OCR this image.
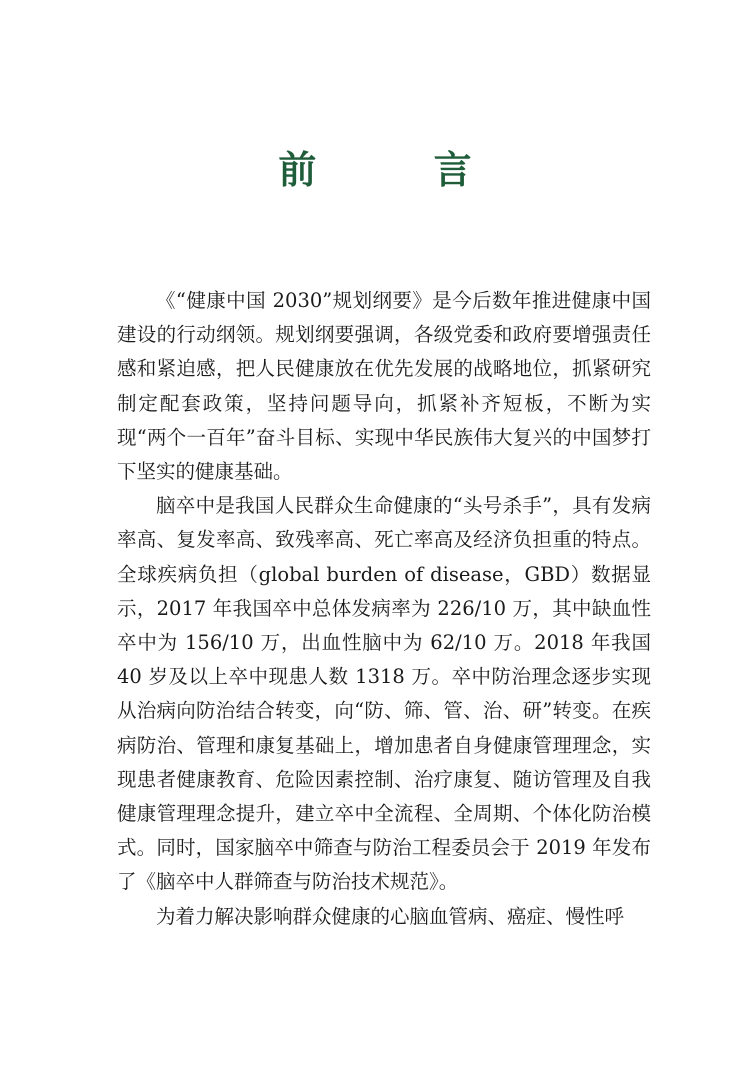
前 言

《“健康中国 2030”规划纲要》是今后数年推进健康中国建设的行动纲领。规划纲要强调，各级党委和政府要增强责任感和紧迫感，把人民健康放在优先发展的战略地位，抓紧研究制定配套政策，坚持问题导向，抓紧补齐短板，不断为实现“两个一百年”奋斗目标、实现中华民族伟大复兴的中国梦打下坚实的健康基础。

脑卒中是我国人民群众生命健康的“头号杀手”，具有发病率高、复发率高、致残率高、死亡率高及经济负担重的特点。全球疾病负担（global burden of disease，GBD）数据显示，2017 年我国卒中总体发病率为 226/10 万，其中缺血性卒中为 156/10 万，出血性脑中为 62/10 万。2018 年我国 40 岁及以上卒中现患人数 1318 万。卒中防治理念逐步实现从治病向防治结合转变，向“防、筛、管、治、研”转变。在疾病防治、管理和康复基础上，增加患者自身健康管理理念，实现患者健康教育、危险因素控制、治疗康复、随访管理及自我健康管理理念提升，建立卒中全流程、全周期、个体化防治模式。同时，国家脑卒中筛查与防治工程委员会于 2019 年发布了《脑卒中人群筛查与防治技术规范》。

为着力解决影响群众健康的心脑血管病、癌症、慢性呼
